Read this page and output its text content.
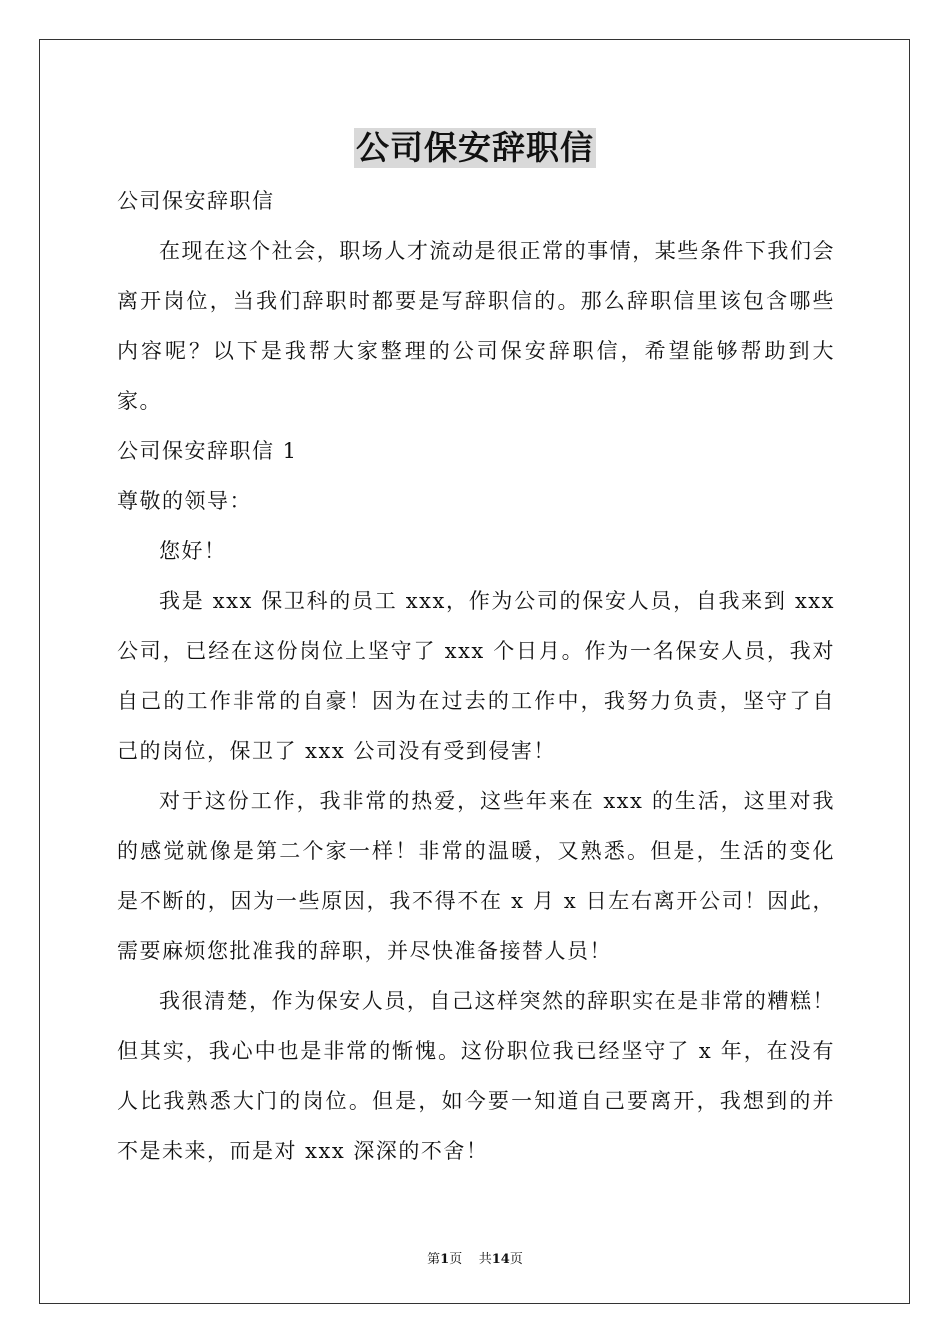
公司保安辞职信

公司保安辞职信

在现在这个社会，职场人才流动是很正常的事情，某些条件下我们会离开岗位，当我们辞职时都要是写辞职信的。那么辞职信里该包含哪些内容呢？以下是我帮大家整理的公司保安辞职信，希望能够帮助到大家。

公司保安辞职信 1

尊敬的领导：

您好！

我是 xxx 保卫科的员工 xxx，作为公司的保安人员，自我来到 xxx 公司，已经在这份岗位上坚守了 xxx 个日月。作为一名保安人员，我对自己的工作非常的自豪！因为在过去的工作中，我努力负责，坚守了自己的岗位，保卫了 xxx 公司没有受到侵害！

对于这份工作，我非常的热爱，这些年来在 xxx 的生活，这里对我的感觉就像是第二个家一样！非常的温暖，又熟悉。但是，生活的变化是不断的，因为一些原因，我不得不在 x 月 x 日左右离开公司！因此，需要麻烦您批准我的辞职，并尽快准备接替人员！

我很清楚，作为保安人员，自己这样突然的辞职实在是非常的糟糕！但其实，我心中也是非常的惭愧。这份职位我已经坚守了 x 年，在没有人比我熟悉大门的岗位。但是，如今要一知道自己要离开，我想到的并不是未来，而是对 xxx 深深的不舍！

第1页 共14页
